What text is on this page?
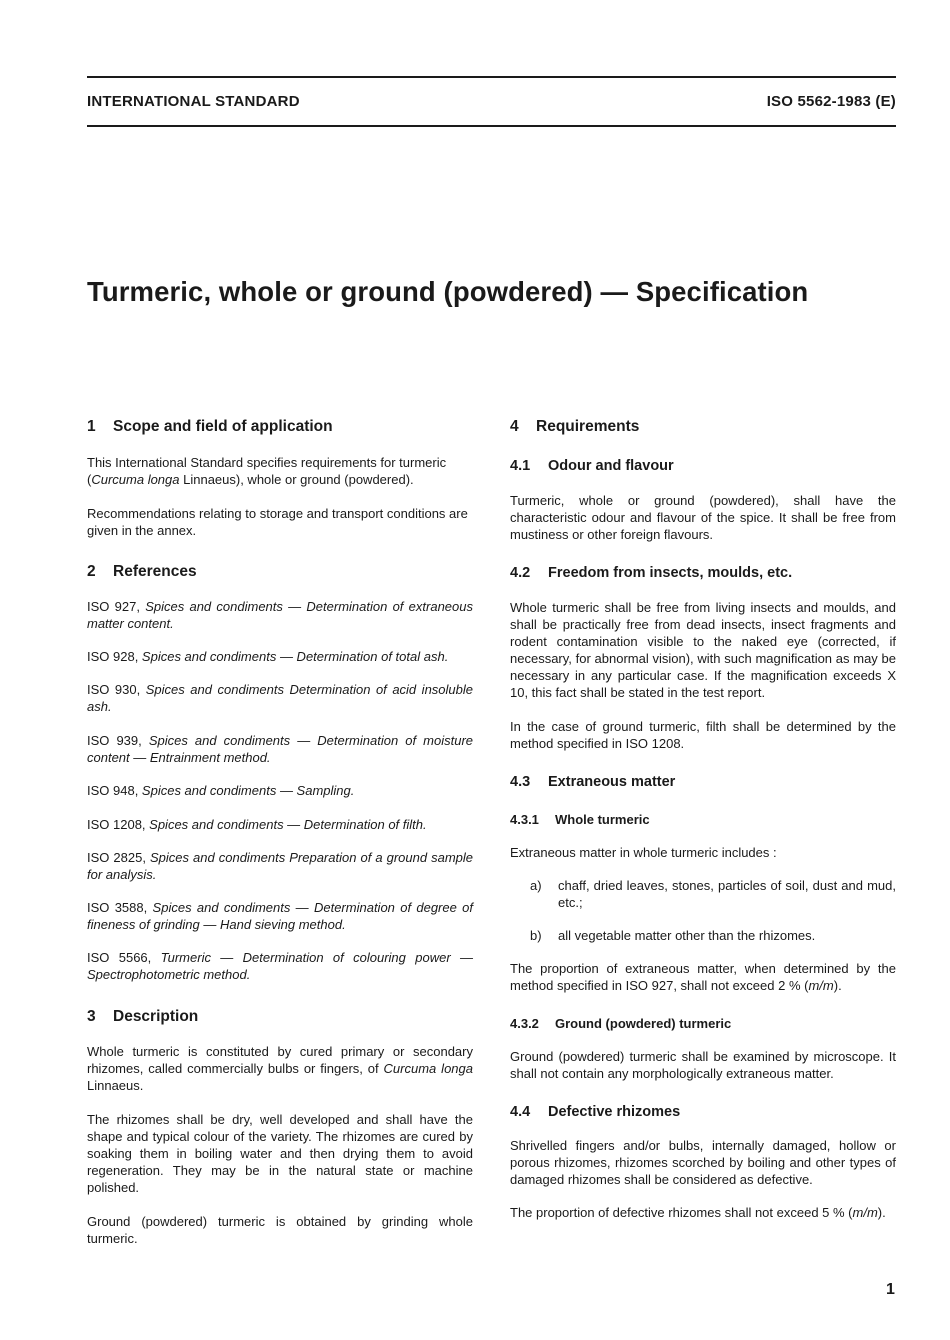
INTERNATIONAL STANDARD	ISO 5562-1983 (E)
Turmeric, whole or ground (powdered) — Specification
1	Scope and field of application

This International Standard specifies requirements for turmeric (Curcuma longa Linnaeus), whole or ground (powdered).

Recommendations relating to storage and transport conditions are given in the annex.

2	References

ISO 927, Spices and condiments — Determination of extraneous matter content.

ISO 928, Spices and condiments — Determination of total ash.

ISO 930, Spices and condiments Determination of acid insoluble ash.

ISO 939, Spices and condiments — Determination of moisture content — Entrainment method.

ISO 948, Spices and condiments — Sampling.

ISO 1208, Spices and condiments — Determination of filth.

ISO 2825, Spices and condiments Preparation of a ground sample for analysis.

ISO 3588, Spices and condiments — Determination of degree of fineness of grinding — Hand sieving method.

ISO 5566, Turmeric — Determination of colouring power — Spectrophotometric method.

3	Description

Whole turmeric is constituted by cured primary or secondary rhizomes, called commercially bulbs or fingers, of Curcuma longa Linnaeus.

The rhizomes shall be dry, well developed and shall have the shape and typical colour of the variety. The rhizomes are cured by soaking them in boiling water and then drying them to avoid regeneration. They may be in the natural state or machine polished.

Ground (powdered) turmeric is obtained by grinding whole turmeric.

4	Requirements
4.1	Odour and flavour

Turmeric, whole or ground (powdered), shall have the characteristic odour and flavour of the spice. It shall be free from mustiness or other foreign flavours.

4.2	Freedom from insects, moulds, etc.

Whole turmeric shall be free from living insects and moulds, and shall be practically free from dead insects, insect fragments and rodent contamination visible to the naked eye (corrected, if necessary, for abnormal vision), with such magnification as may be necessary in any particular case. If the magnification exceeds X 10, this fact shall be stated in the test report.

In the case of ground turmeric, filth shall be determined by the method specified in ISO 1208.

4.3	Extraneous matter
4.3.1	Whole turmeric

Extraneous matter in whole turmeric includes :

a)	chaff, dried leaves, stones, particles of soil, dust and mud, etc.;
b)	all vegetable matter other than the rhizomes.

The proportion of extraneous matter, when determined by the method specified in ISO 927, shall not exceed 2 % (m/m).

4.3.2	Ground (powdered) turmeric

Ground (powdered) turmeric shall be examined by microscope. It shall not contain any morphologically extraneous matter.

4.4	Defective rhizomes

Shrivelled fingers and/or bulbs, internally damaged, hollow or porous rhizomes, rhizomes scorched by boiling and other types of damaged rhizomes shall be considered as defective.

The proportion of defective rhizomes shall not exceed 5 % (m/m).

1
